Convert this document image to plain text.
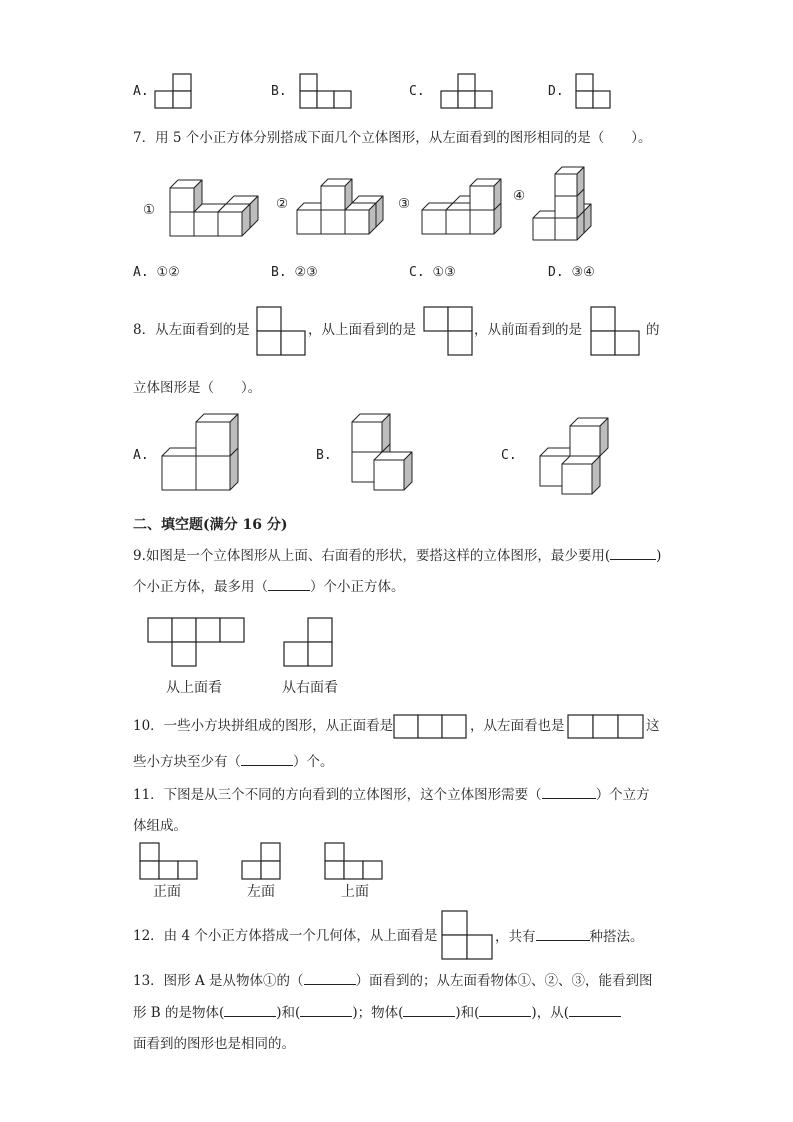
A.	B.	C.	D.
7．用 5 个小正方体分别搭成下面几个立体图形，从左面看到的图形相同的是（　　）。
①	②	③	④
A. ①②	B. ②③	C. ①③	D. ③④
8．从左面看到的是	，从上面看到的是	，从前面看到的是	的
立体图形是（　　）。
A.	B.	C.
二、填空题(满分 16 分)
9.如图是一个立体图形从上面、右面看的形状，要搭这样的立体图形，最少要用(	)
个小正方体，最多用（	）个小正方体。
从上面看	从右面看
10．一些小方块拼组成的图形，从正面看是	，从左面看也是	这
些小方块至少有（	）个。
11．下图是从三个不同的方向看到的立体图形，这个立体图形需要（	）个立方
体组成。
正面	左面	上面
12．由 4 个小正方体搭成一个几何体，从上面看是	，共有	种搭法。
13．图形 A 是从物体①的（	）面看到的；从左面看物体①、②、③，能看到图
形 B 的是物体(	)和(	)；物体(	)和(	)，从(
面看到的图形也是相同的。
